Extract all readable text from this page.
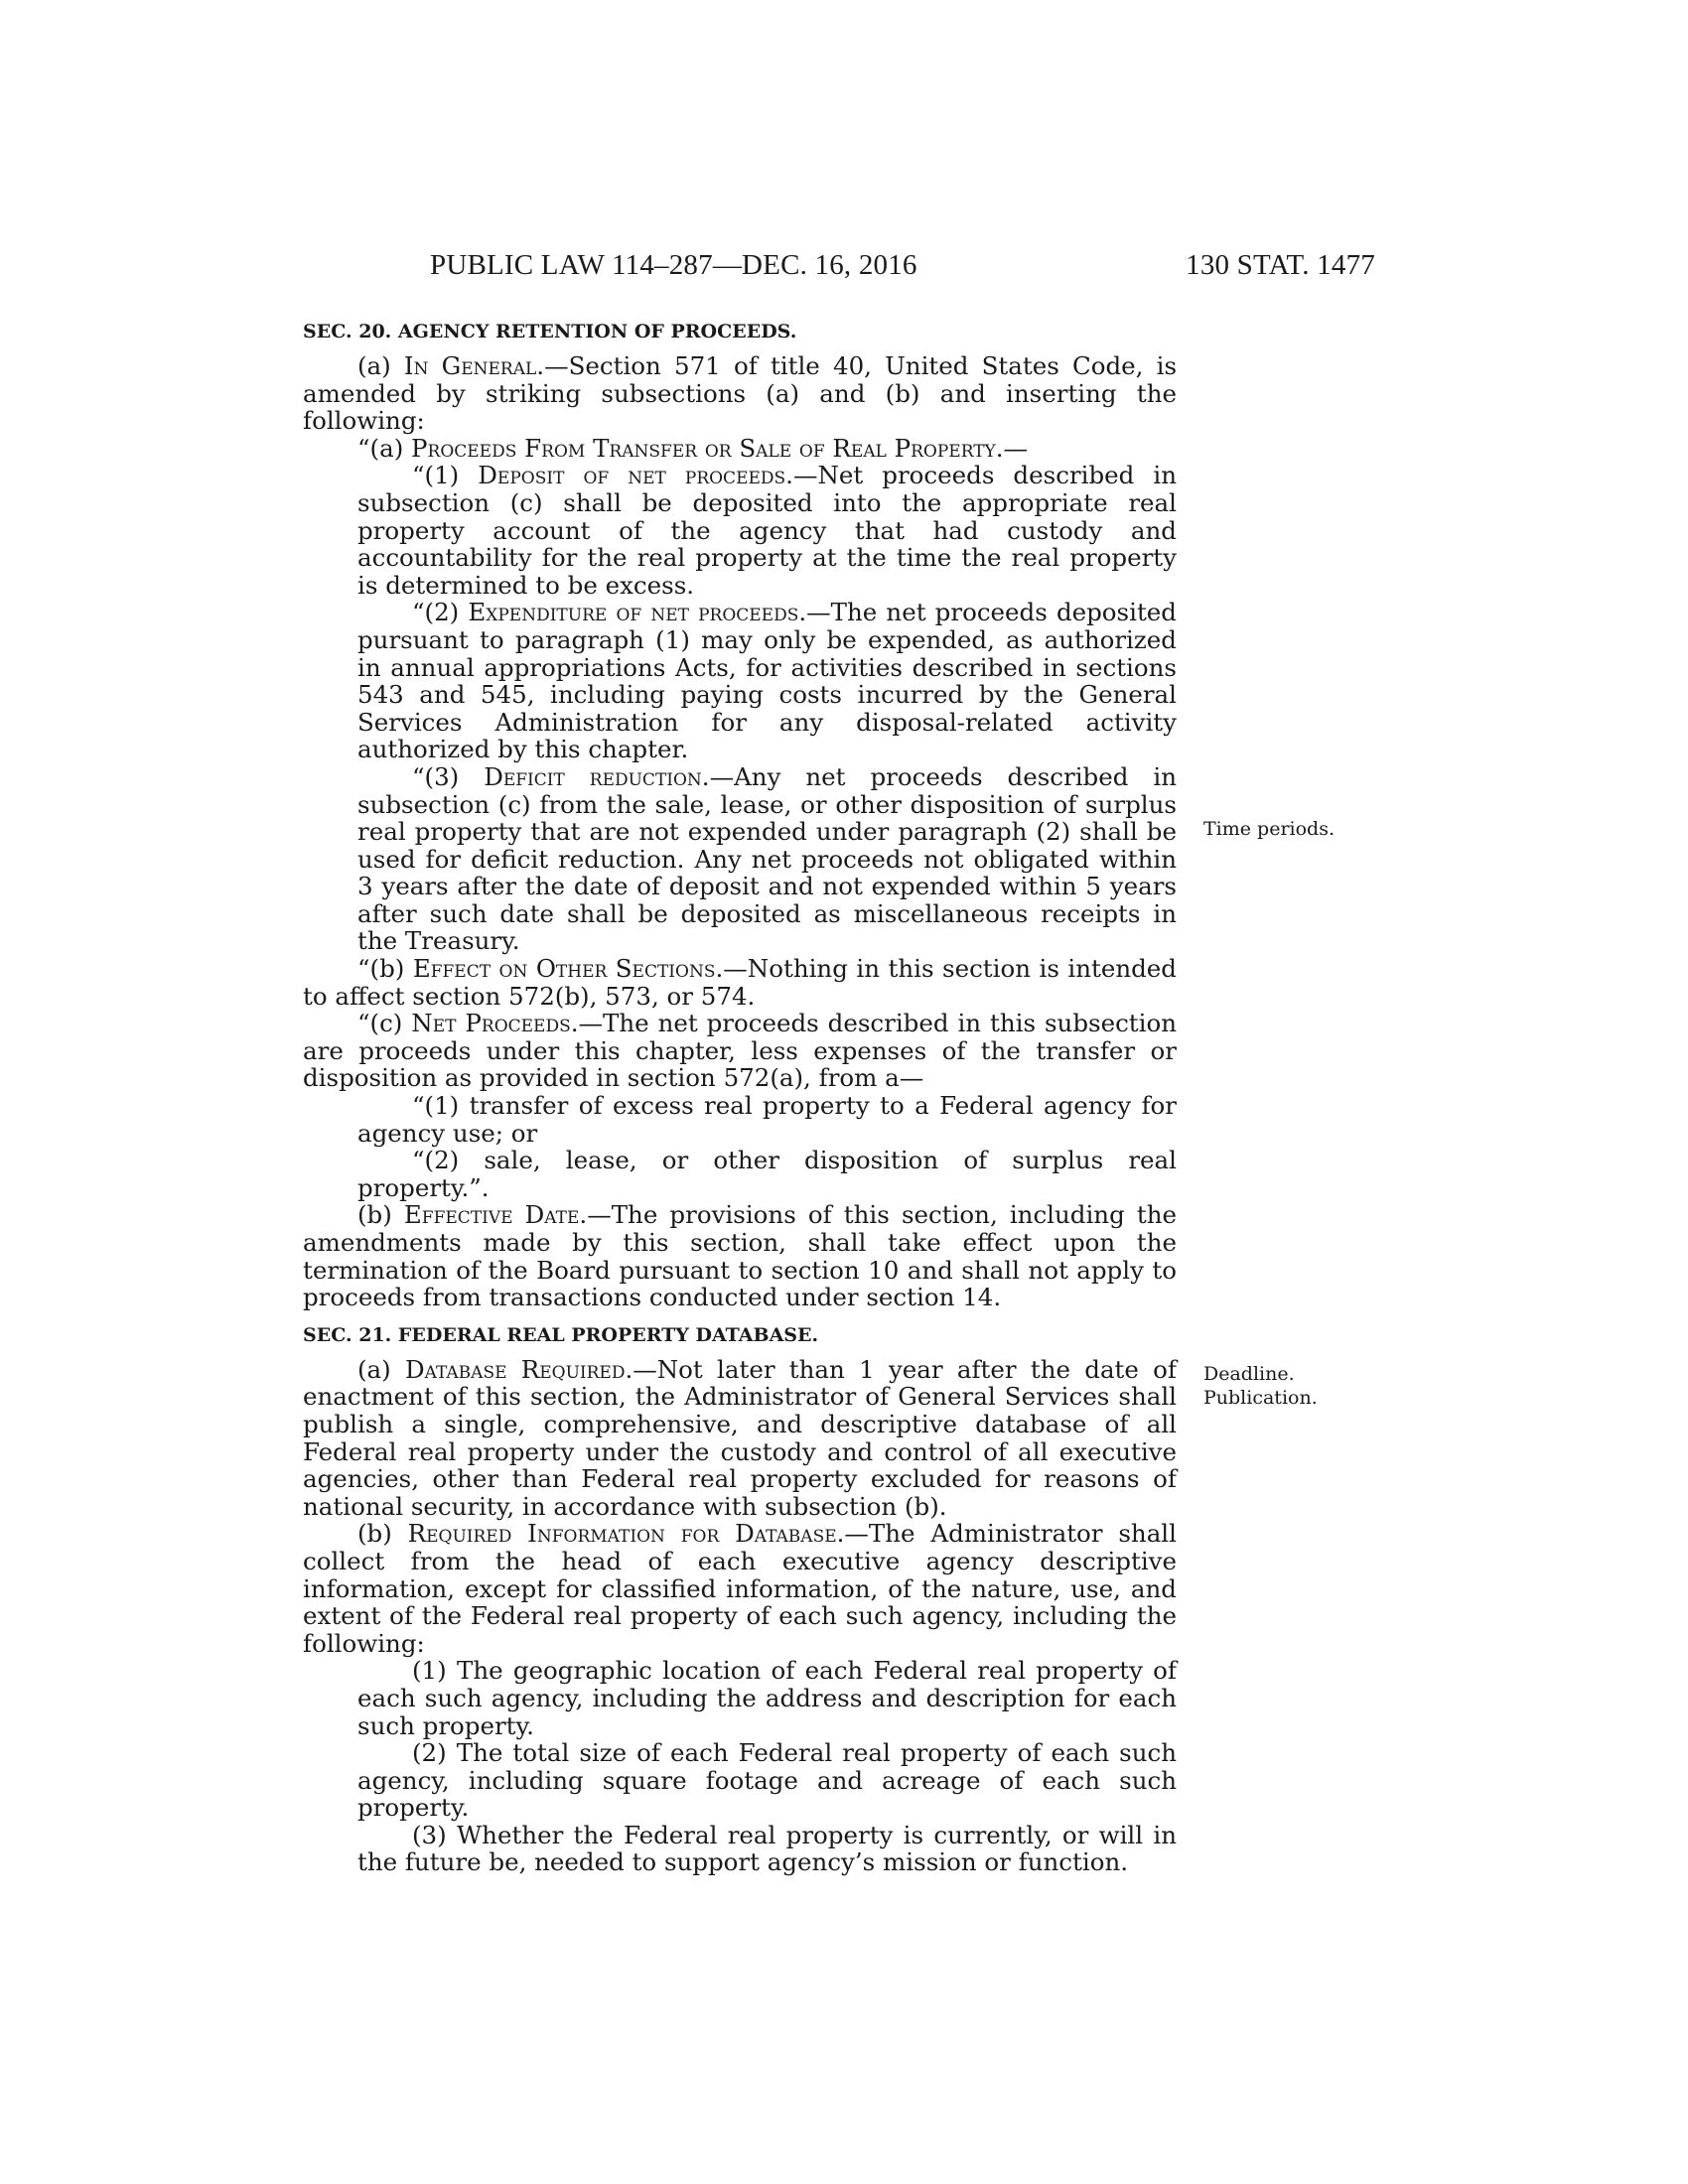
PUBLIC LAW 114–287—DEC. 16, 2016	130 STAT. 1477
SEC. 20. AGENCY RETENTION OF PROCEEDS.

(a) In General.—Section 571 of title 40, United States Code, is amended by striking subsections (a) and (b) and inserting the following:

“(a) Proceeds From Transfer or Sale of Real Property.—

“(1) Deposit of net proceeds.—Net proceeds described in subsection (c) shall be deposited into the appropriate real property account of the agency that had custody and accountability for the real property at the time the real property is determined to be excess.

“(2) Expenditure of net proceeds.—The net proceeds deposited pursuant to paragraph (1) may only be expended, as authorized in annual appropriations Acts, for activities described in sections 543 and 545, including paying costs incurred by the General Services Administration for any disposal-related activity authorized by this chapter.

“(3) Deficit reduction.—Any net proceeds described in subsection (c) from the sale, lease, or other disposition of surplus real property that are not expended under paragraph (2) shall be used for deficit reduction. Any net proceeds not obligated within 3 years after the date of deposit and not expended within 5 years after such date shall be deposited as miscellaneous receipts in the Treasury.

“(b) Effect on Other Sections.—Nothing in this section is intended to affect section 572(b), 573, or 574.

“(c) Net Proceeds.—The net proceeds described in this subsection are proceeds under this chapter, less expenses of the transfer or disposition as provided in section 572(a), from a—

“(1) transfer of excess real property to a Federal agency for agency use; or

“(2) sale, lease, or other disposition of surplus real property.”.

(b) Effective Date.—The provisions of this section, including the amendments made by this section, shall take effect upon the termination of the Board pursuant to section 10 and shall not apply to proceeds from transactions conducted under section 14.

SEC. 21. FEDERAL REAL PROPERTY DATABASE.

(a) Database Required.—Not later than 1 year after the date of enactment of this section, the Administrator of General Services shall publish a single, comprehensive, and descriptive database of all Federal real property under the custody and control of all executive agencies, other than Federal real property excluded for reasons of national security, in accordance with subsection (b).

(b) Required Information for Database.—The Administrator shall collect from the head of each executive agency descriptive information, except for classified information, of the nature, use, and extent of the Federal real property of each such agency, including the following:

(1) The geographic location of each Federal real property of each such agency, including the address and description for each such property.

(2) The total size of each Federal real property of each such agency, including square footage and acreage of each such property.

(3) Whether the Federal real property is currently, or will in the future be, needed to support agency’s mission or function.

Time periods.
Deadline.
Publication.
